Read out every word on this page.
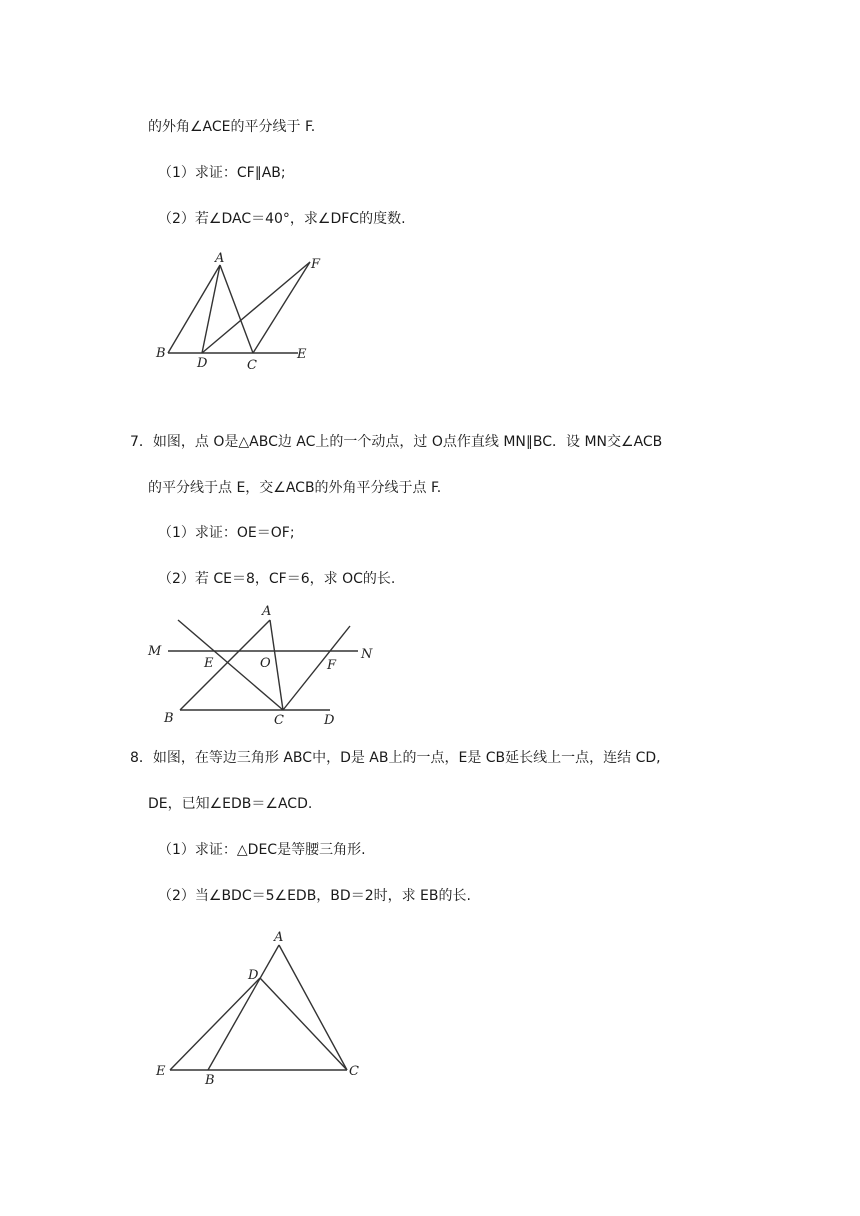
的外角∠ACE的平分线于 F.
（1）求证：CF∥AB;
（2）若∠DAC＝40°，求∠DFC的度数.
A	F
B
D	C
E
7．如图，点 O是△ABC边 AC上的一个动点，过 O点作直线 MN∥BC．设 MN交∠ACB
的平分线于点 E，交∠ACB的外角平分线于点 F.
（1）求证：OE＝OF;
（2）若 CE＝8，CF＝6，求 OC的长.
A
M
E	O	F
N
B	C	D
8．如图，在等边三角形 ABC中，D是 AB上的一点，E是 CB延长线上一点，连结 CD,
DE，已知∠EDB＝∠ACD.
（1）求证：△DEC是等腰三角形.
（2）当∠BDC＝5∠EDB，BD＝2时，求 EB的长.
A
D
E
B
C
